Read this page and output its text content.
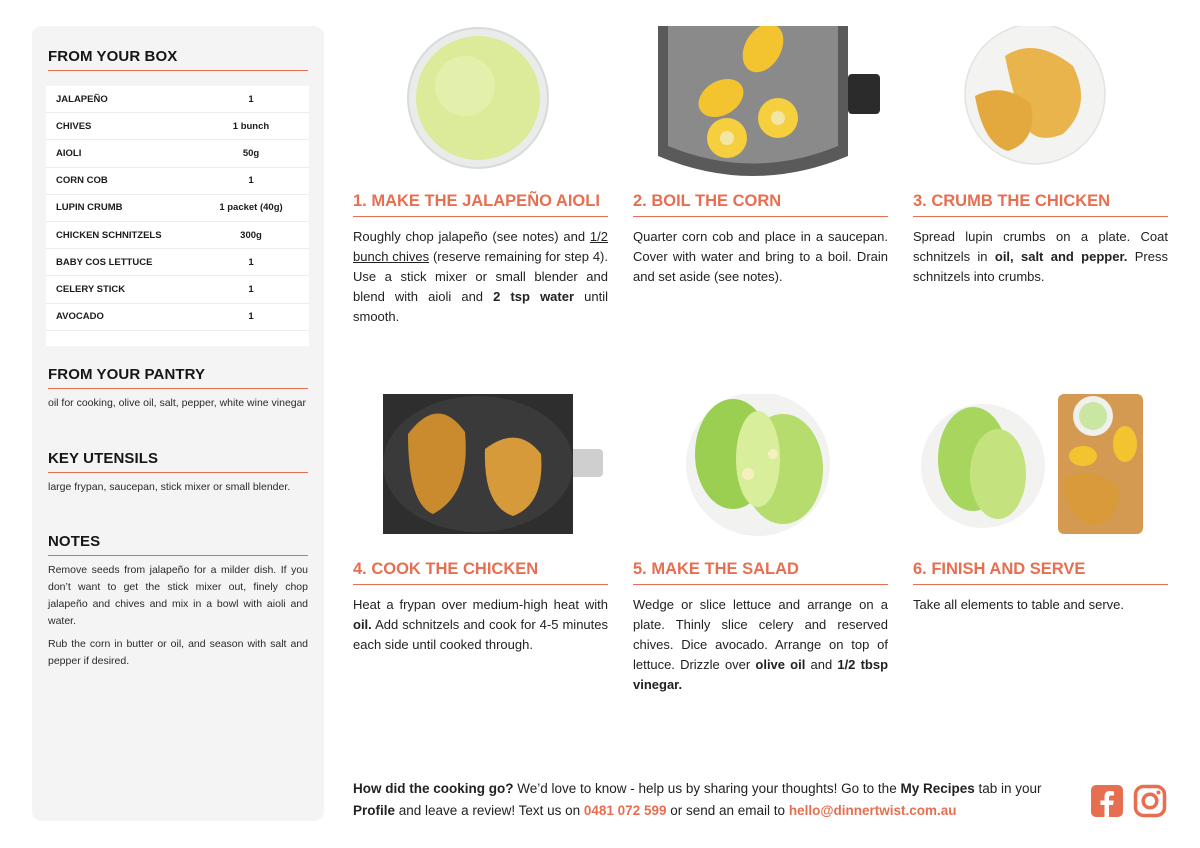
FROM YOUR BOX
JALAPEÑO	1
CHIVES	1 bunch
AIOLI	50g
CORN COB	1
LUPIN CRUMB	1 packet (40g)
CHICKEN SCHNITZELS	300g
BABY COS LETTUCE	1
CELERY STICK	1
AVOCADO	1
FROM YOUR PANTRY
oil for cooking, olive oil, salt, pepper, white wine vinegar
KEY UTENSILS
large frypan, saucepan, stick mixer or small blender.
NOTES

Remove seeds from jalapeño for a milder dish. If you don’t want to get the stick mixer out, finely chop jalapeño and chives and mix in a bowl with aioli and water.

Rub the corn in butter or oil, and season with salt and pepper if desired.

1. MAKE THE JALAPEÑO AIOLI
Roughly chop jalapeño (see notes) and 1/2 bunch chives (reserve remaining for step 4). Use a stick mixer or small blender and blend with aioli and 2 tsp water until smooth.
2. BOIL THE CORN
Quarter corn cob and place in a saucepan. Cover with water and bring to a boil. Drain and set aside (see notes).
3. CRUMB THE CHICKEN
Spread lupin crumbs on a plate. Coat schnitzels in oil, salt and pepper. Press schnitzels into crumbs.
4. COOK THE CHICKEN
Heat a frypan over medium-high heat with oil. Add schnitzels and cook for 4-5 minutes each side until cooked through.
5. MAKE THE SALAD
Wedge or slice lettuce and arrange on a plate. Thinly slice celery and reserved chives. Dice avocado. Arrange on top of lettuce. Drizzle over olive oil and 1/2 tbsp vinegar.
6. FINISH AND SERVE
Take all elements to table and serve.
How did the cooking go? We’d love to know - help us by sharing your thoughts! Go to the My Recipes tab in your Profile and leave a review! Text us on 0481 072 599 or send an email to hello@dinnertwist.com.au
